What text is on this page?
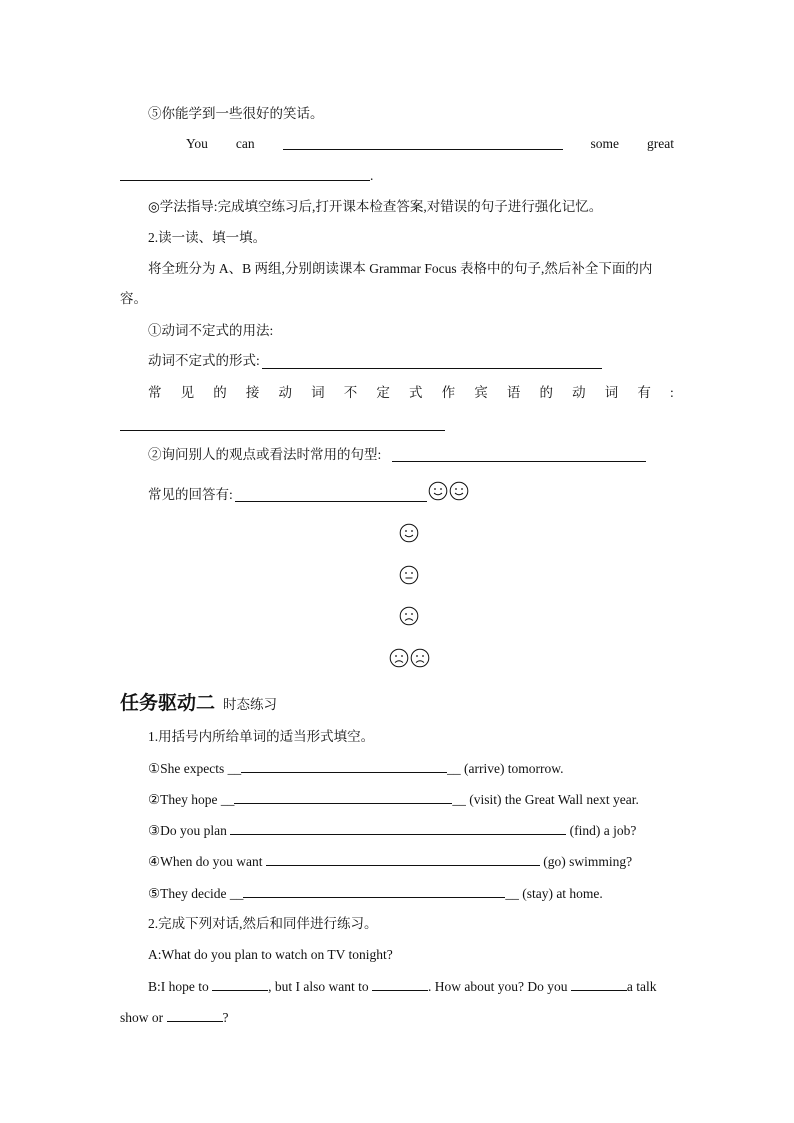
⑤你能学到一些很好的笑话。
You can	some great
.
◎学法指导:完成填空练习后,打开课本检查答案,对错误的句子进行强化记忆。
2.读一读、填一填。
将全班分为 A、B 两组,分别朗读课本 Grammar Focus 表格中的句子,然后补全下面的内
容。
①动词不定式的用法:
动词不定式的形式:
常 见 的 接 动 词 不 定 式 作 宾 语 的 动 词 有 :
②询问别人的观点或看法时常用的句型:
常见的回答有:
任务驱动二 时态练习
1.用括号内所给单词的适当形式填空。
①She expects __	__ (arrive) tomorrow.
②They hope __	__ (visit) the Great Wall next year.
③Do you plan	(find) a job?
④When do you want	(go) swimming?
⑤They decide __	__ (stay) at home.
2.完成下列对话,然后和同伴进行练习。
A:What do you plan to watch on TV tonight?
B:I hope to	, but I also want to	. How about you? Do you	a talk
show or	?
